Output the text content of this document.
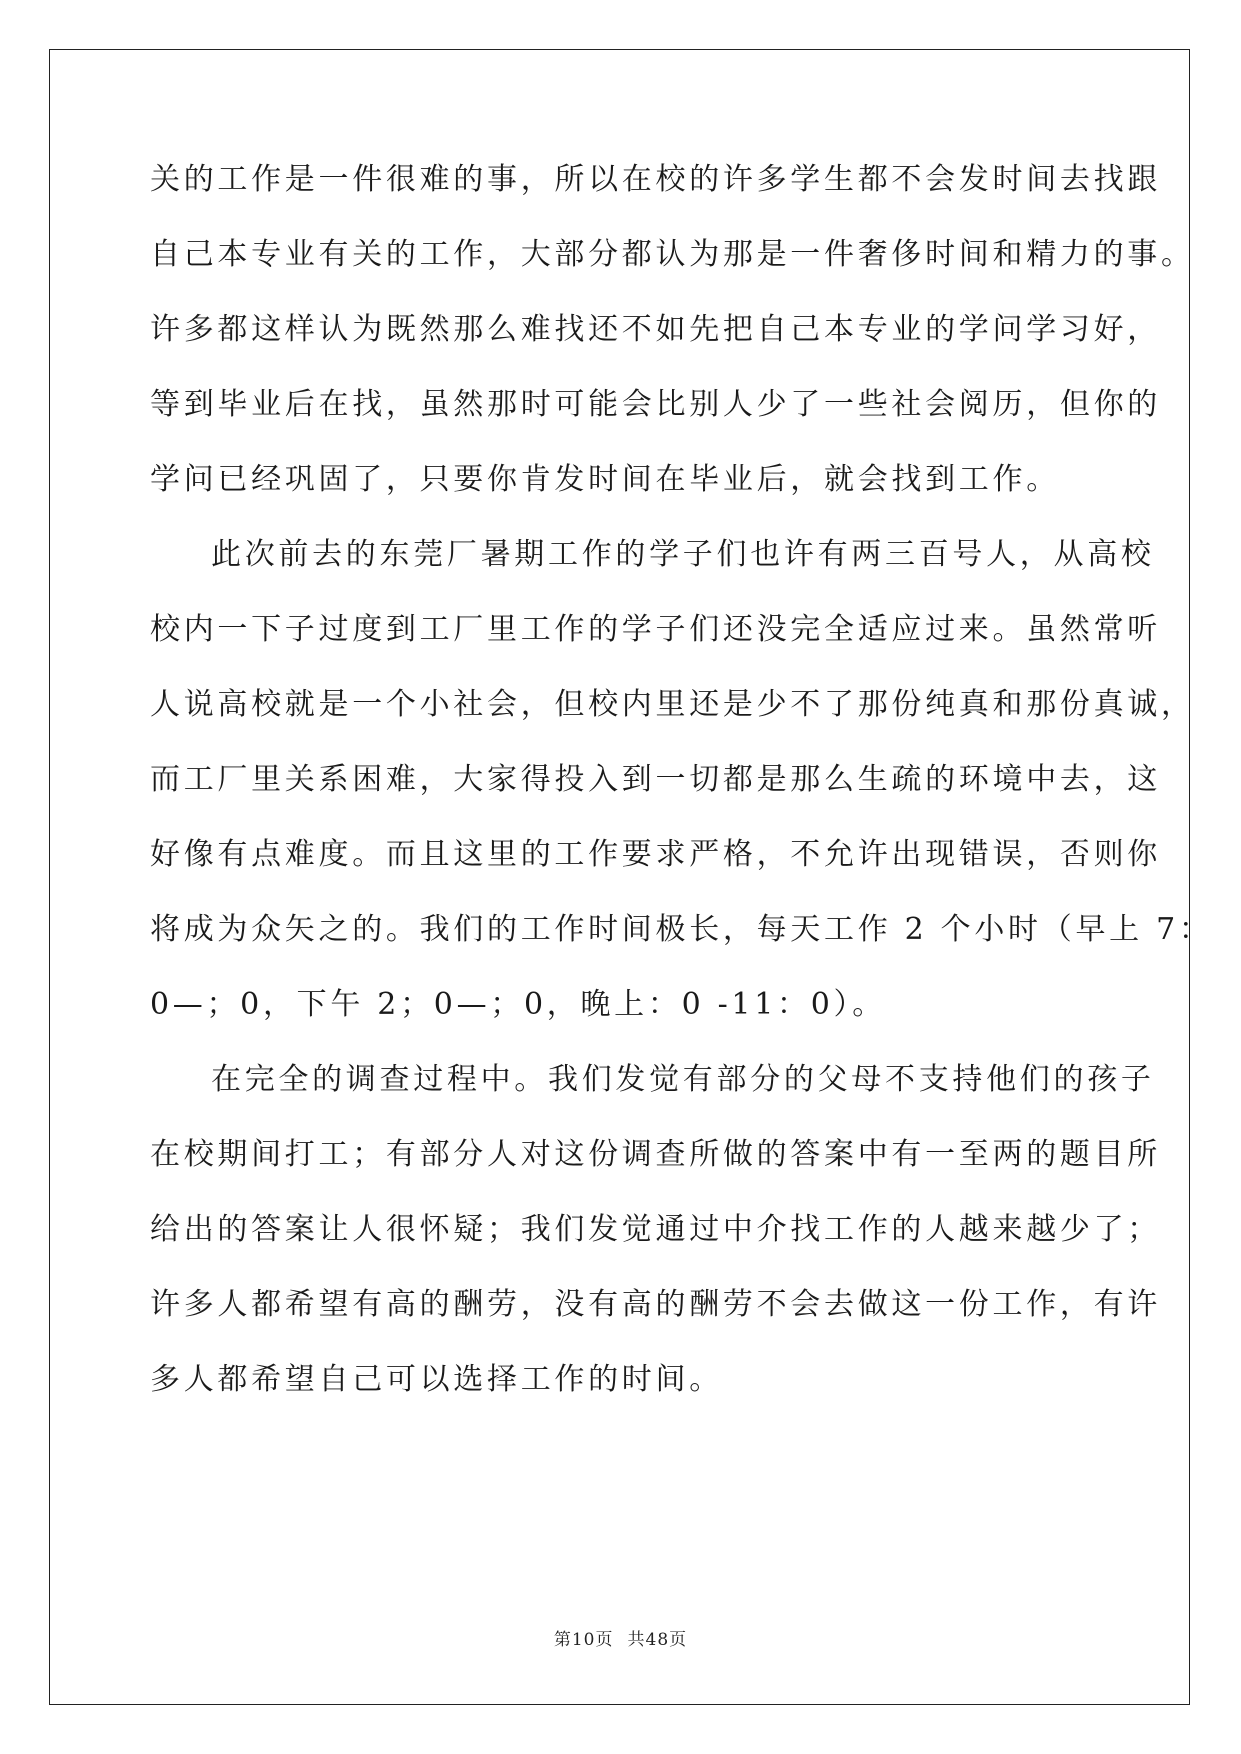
关的工作是一件很难的事，所以在校的许多学生都不会发时间去找跟
自己本专业有关的工作，大部分都认为那是一件奢侈时间和精力的事。
许多都这样认为既然那么难找还不如先把自己本专业的学问学习好，
等到毕业后在找，虽然那时可能会比别人少了一些社会阅历，但你的
学问已经巩固了，只要你肯发时间在毕业后，就会找到工作。
此次前去的东莞厂暑期工作的学子们也许有两三百号人，从高校
校内一下子过度到工厂里工作的学子们还没完全适应过来。虽然常听
人说高校就是一个小社会，但校内里还是少不了那份纯真和那份真诚，
而工厂里关系困难，大家得投入到一切都是那么生疏的环境中去，这
好像有点难度。而且这里的工作要求严格，不允许出现错误，否则你
将成为众矢之的。我们的工作时间极长，每天工作 2 个小时（早上 7：
0—；0，下午 2；0—；0，晚上：0 -11：0）。
在完全的调查过程中。我们发觉有部分的父母不支持他们的孩子
在校期间打工；有部分人对这份调查所做的答案中有一至两的题目所
给出的答案让人很怀疑；我们发觉通过中介找工作的人越来越少了；
许多人都希望有高的酬劳，没有高的酬劳不会去做这一份工作，有许
多人都希望自己可以选择工作的时间。
第10页 共48页
